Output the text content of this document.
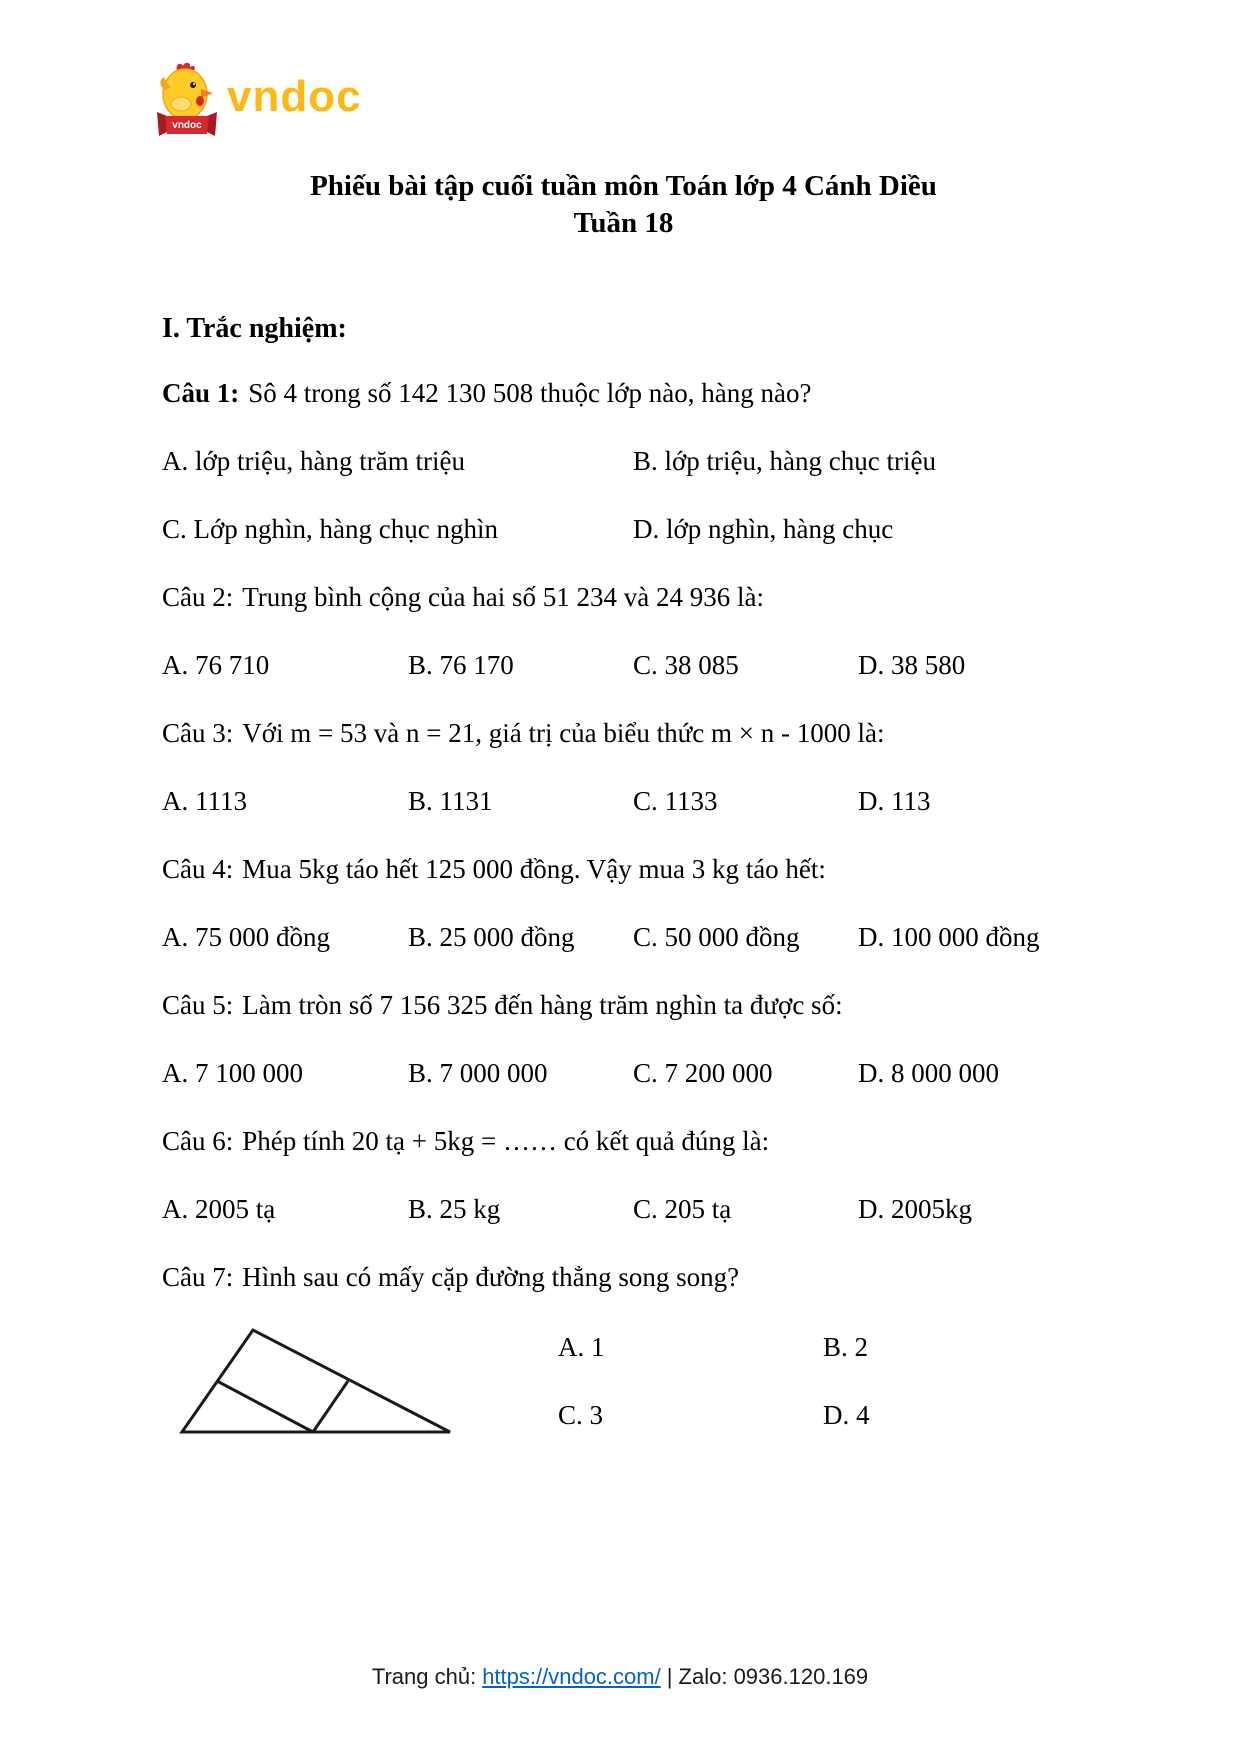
vndoc
vndoc
Phiếu bài tập cuối tuần môn Toán lớp 4 Cánh Diều
Tuần 18

I. Trắc nghiệm:

Câu 1: Sô 4 trong số 142 130 508 thuộc lớp nào, hàng nào?

A. lớp triệu, hàng trăm triệu	B. lớp triệu, hàng chục triệu
C. Lớp nghìn, hàng chục nghìn	D. lớp nghìn, hàng chục

Câu 2: Trung bình cộng của hai số 51 234 và 24 936 là:

A. 76 710	B. 76 170	C. 38 085	D. 38 580

Câu 3: Với m = 53 và n = 21, giá trị của biểu thức m × n - 1000 là:

A. 1113	B. 1131	C. 1133	D. 113

Câu 4: Mua 5kg táo hết 125 000 đồng. Vậy mua 3 kg táo hết:

A. 75 000 đồng	B. 25 000 đồng	C. 50 000 đồng	D. 100 000 đồng

Câu 5: Làm tròn số 7 156 325 đến hàng trăm nghìn ta được số:

A. 7 100 000	B. 7 000 000	C. 7 200 000	D. 8 000 000

Câu 6: Phép tính 20 tạ + 5kg = …… có kết quả đúng là:

A. 2005 tạ	B. 25 kg	C. 205 tạ	D. 2005kg

Câu 7: Hình sau có mấy cặp đường thẳng song song?

A. 1	B. 2
C. 3	D. 4
Trang chủ: https://vndoc.com/ | Zalo: 0936.120.169
